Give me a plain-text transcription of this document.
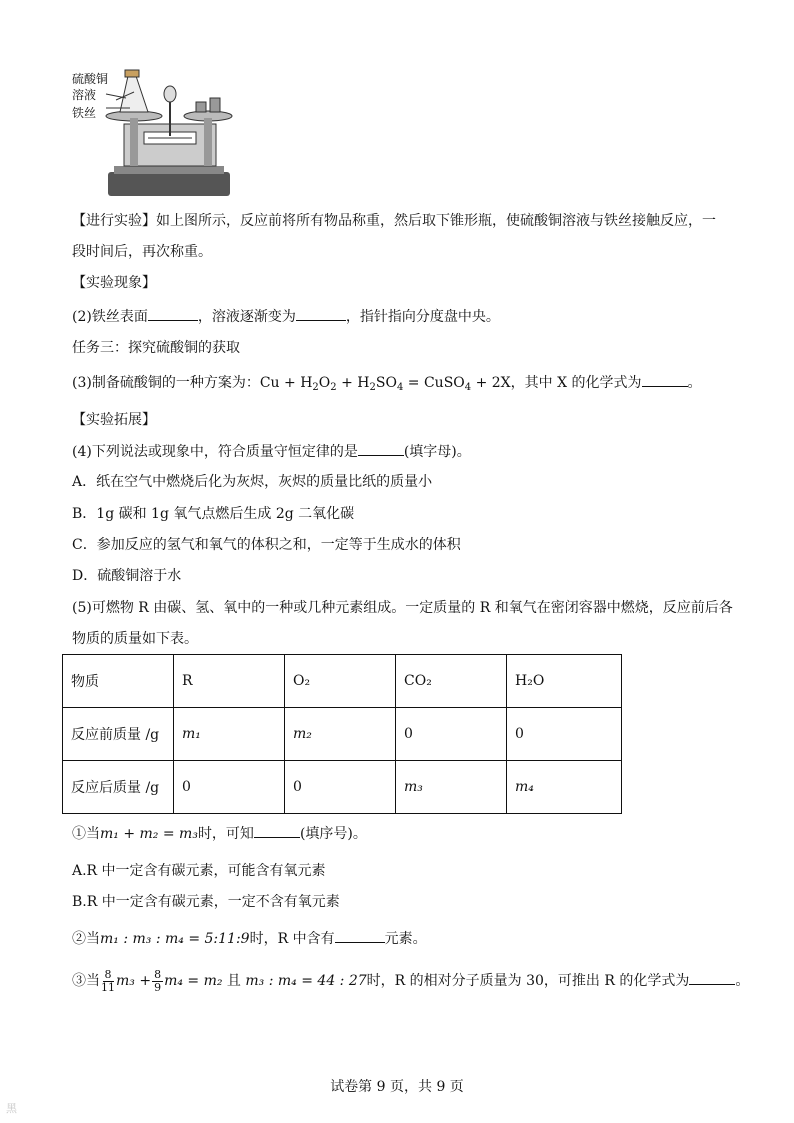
硫酸铜
溶液
铁丝
【进行实验】如上图所示，反应前将所有物品称重，然后取下锥形瓶，使硫酸铜溶液与铁丝接触反应，一
段时间后，再次称重。
【实验现象】
(2)铁丝表面	，溶液逐渐变为	，指针指向分度盘中央。
任务三：探究硫酸铜的获取
(3)制备硫酸铜的一种方案为：$Cu + H_2O_2 + H_2SO_4$ = CuSO$_4$ + 2X，其中 X 的化学式为	。
【实验拓展】
(4)下列说法或现象中，符合质量守恒定律的是	(填字母)。
A．纸在空气中燃烧后化为灰烬，灰烬的质量比纸的质量小
B．1g 碳和 1g 氧气点燃后生成 2g 二氧化碳
C．参加反应的氢气和氧气的体积之和，一定等于生成水的体积
D．硫酸铜溶于水
(5)可燃物 R 由碳、氢、氧中的一种或几种元素组成。一定质量的 R 和氧气在密闭容器中燃烧，反应前后各
物质的质量如下表。
物质	R	O₂	CO₂	H₂O
反应前质量 /g	m₁	m₂	0	0
反应后质量 /g	0	0	m₃	m₄
①当m₁ + m₂ = m₃时，可知	(填序号)。
A.R 中一定含有碳元素，可能含有氧元素
B.R 中一定含有碳元素，一定不含有氧元素
②当m₁ : m₃ : m₄ = 5:11:9时，R 中含有	元素。
③当 $\frac{8}{11} m_3 + \frac{8}{9} m_4 = m_2$ 且 m₃ : m₄ = 44 : 27时，R 的相对分子质量为 30，可推出 R 的化学式为	。
试卷第 9 页，共 9 页
黑
